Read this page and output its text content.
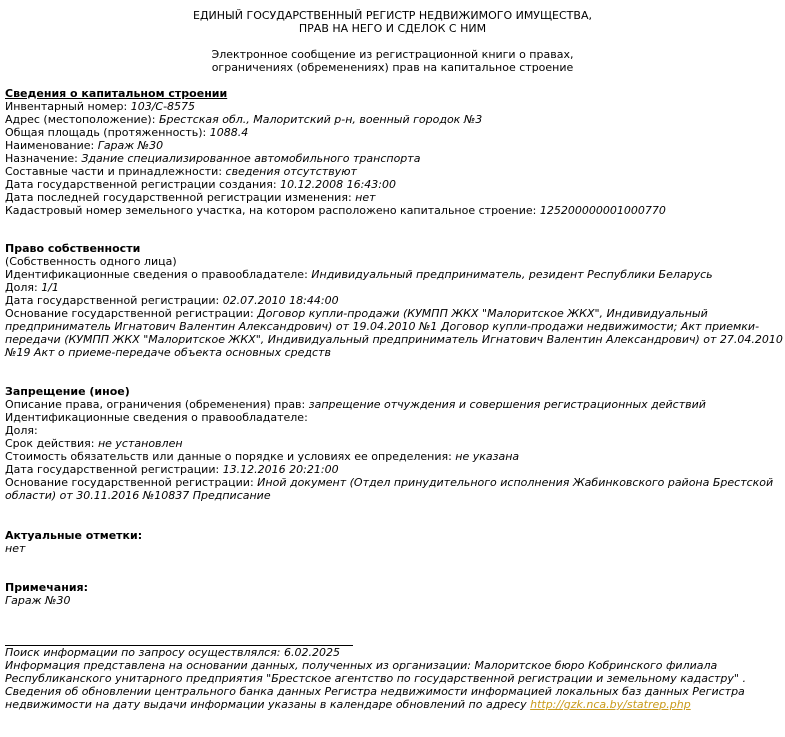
ЕДИНЫЙ ГОСУДАРСТВЕННЫЙ РЕГИСТР НЕДВИЖИМОГО ИМУЩЕСТВА,
ПРАВ НА НЕГО И СДЕЛОК С НИМ
Электронное сообщение из регистрационной книги о правах,
ограничениях (обременениях) прав на капитальное строение
Сведения о капитальном строении
Инвентарный номер: 103/C-8575
Адрес (местоположение): Брестская обл., Малоритский р-н, военный городок №3
Общая площадь (протяженность): 1088.4
Наименование: Гараж №30
Назначение: Здание специализированное автомобильного транспорта
Составные части и принадлежности: сведения отсутствуют
Дата государственной регистрации создания: 10.12.2008 16:43:00
Дата последней государственной регистрации изменения: нет
Кадастровый номер земельного участка, на котором расположено капитальное строение: 125200000001000770
Право собственности
(Собственность одного лица)
Идентификационные сведения о правообладателе: Индивидуальный предприниматель, резидент Республики Беларусь
Доля: 1/1
Дата государственной регистрации: 02.07.2010 18:44:00
Основание государственной регистрации: Договор купли-продажи (КУМПП ЖКХ "Малоритское ЖКХ", Индивидуальный
предприниматель Игнатович Валентин Александрович) от 19.04.2010 №1 Договор купли-продажи недвижимости; Акт приемки-
передачи (КУМПП ЖКХ "Малоритское ЖКХ", Индивидуальный предприниматель Игнатович Валентин Александрович) от 27.04.2010
№19 Акт о приеме-передаче объекта основных средств
Запрещение (иное)
Описание права, ограничения (обременения) прав: запрещение отчуждения и совершения регистрационных действий
Идентификационные сведения о правообладателе:
Доля:
Срок действия: не установлен
Стоимость обязательств или данные о порядке и условиях ее определения: не указана
Дата государственной регистрации: 13.12.2016 20:21:00
Основание государственной регистрации: Иной документ (Отдел принудительного исполнения Жабинковского района Брестской
области) от 30.11.2016 №10837 Предписание
Актуальные отметки:
нет
Примечания:
Гараж №30
Поиск информации по запросу осуществлялся: 6.02.2025
Информация представлена на основании данных, полученных из организации: Малоритское бюро Кобринского филиала
Республиканского унитарного предприятия "Брестское агентство по государственной регистрации и земельному кадастру" .
Сведения об обновлении центрального банка данных Регистра недвижимости информацией локальных баз данных Регистра
недвижимости на дату выдачи информации указаны в календаре обновлений по адресу http://gzk.nca.by/statrep.php
